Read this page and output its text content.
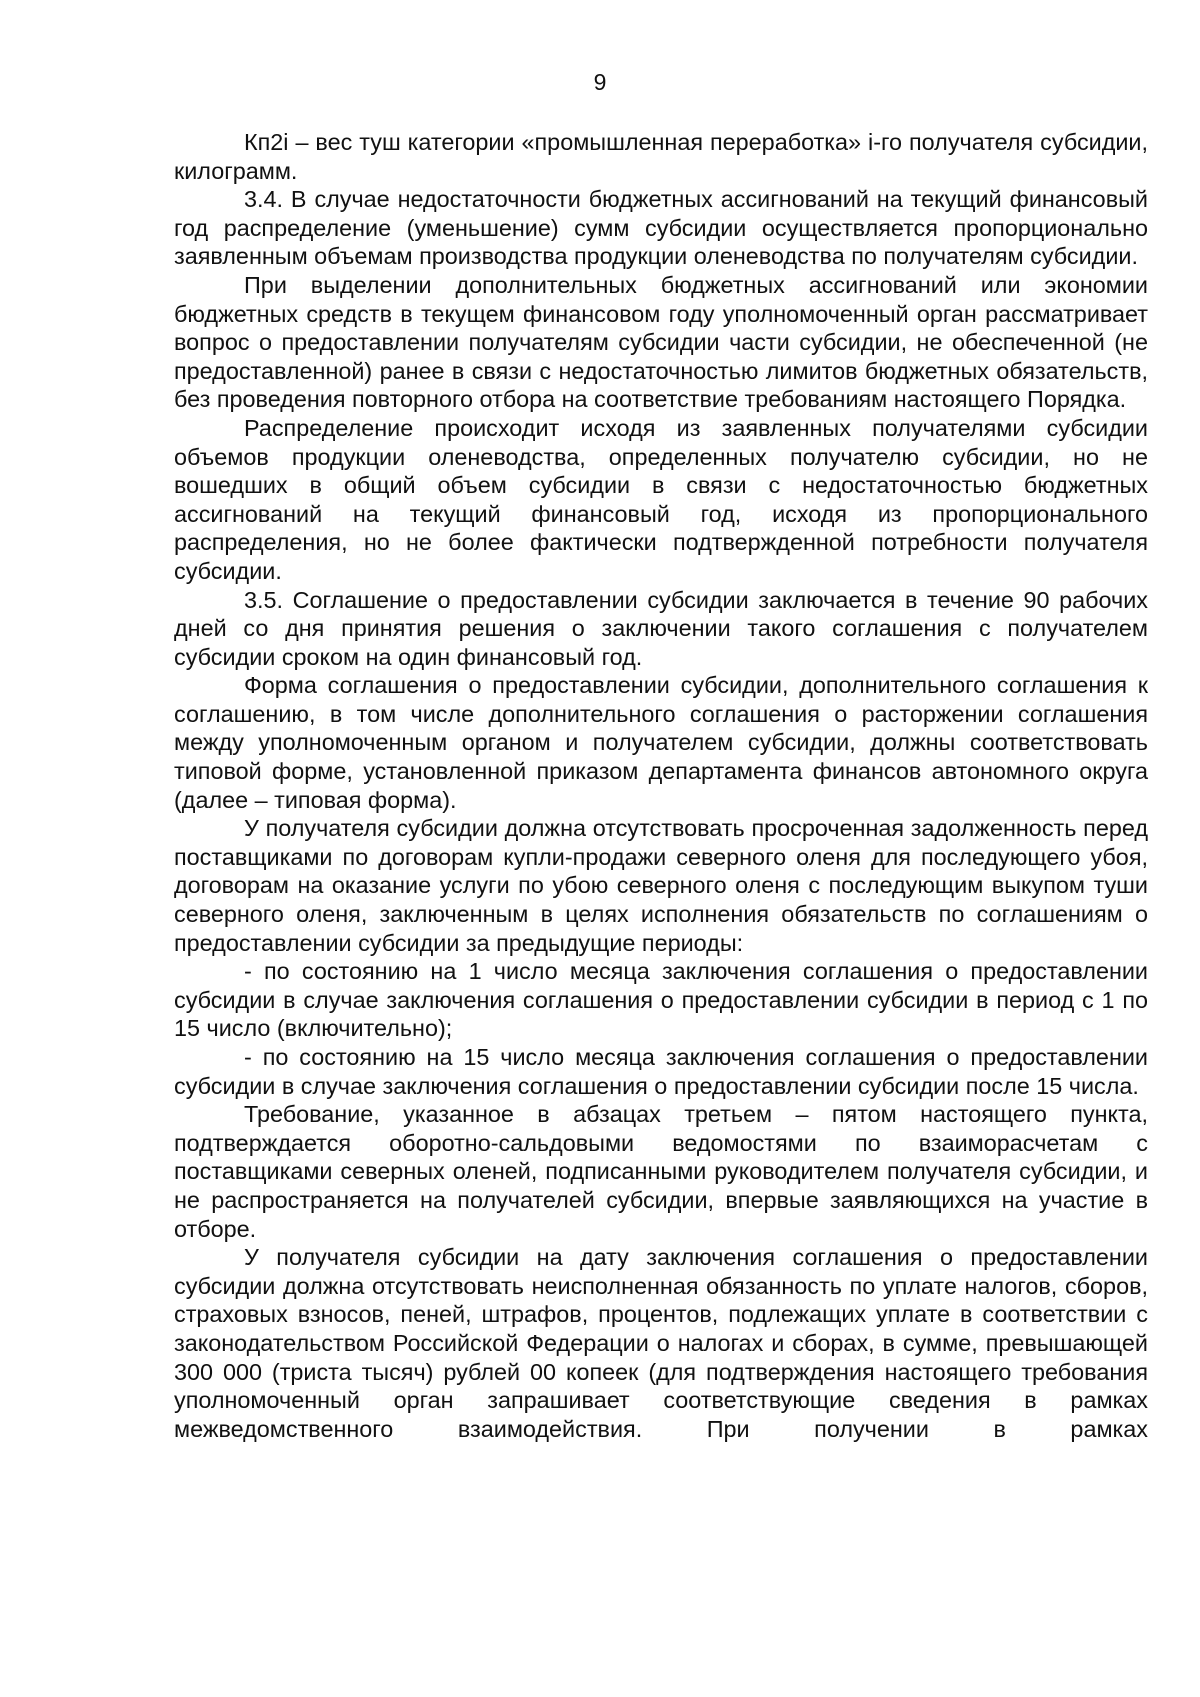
9

Кп2i – вес туш категории «промышленная переработка» i-го получателя субсидии, килограмм.

3.4. В случае недостаточности бюджетных ассигнований на текущий финансовый год распределение (уменьшение) сумм субсидии осуществляется пропорционально заявленным объемам производства продукции оленеводства по получателям субсидии.

При выделении дополнительных бюджетных ассигнований или экономии бюджетных средств в текущем финансовом году уполномоченный орган рассматривает вопрос о предоставлении получателям субсидии части субсидии, не обеспеченной (не предоставленной) ранее в связи с недостаточностью лимитов бюджетных обязательств, без проведения повторного отбора на соответствие требованиям настоящего Порядка.

Распределение происходит исходя из заявленных получателями субсидии объемов продукции оленеводства, определенных получателю субсидии, но не вошедших в общий объем субсидии в связи с недостаточностью бюджетных ассигнований на текущий финансовый год, исходя из пропорционального распределения, но не более фактически подтвержденной потребности получателя субсидии.

3.5. Соглашение о предоставлении субсидии заключается в течение 90 рабочих дней со дня принятия решения о заключении такого соглашения с получателем субсидии сроком на один финансовый год.

Форма соглашения о предоставлении субсидии, дополнительного соглашения к соглашению, в том числе дополнительного соглашения о расторжении соглашения между уполномоченным органом и получателем субсидии, должны соответствовать типовой форме, установленной приказом департамента финансов автономного округа (далее – типовая форма).

У получателя субсидии должна отсутствовать просроченная задолженность перед поставщиками по договорам купли-продажи северного оленя для последующего убоя, договорам на оказание услуги по убою северного оленя с последующим выкупом туши северного оленя, заключенным в целях исполнения обязательств по соглашениям о предоставлении субсидии за предыдущие периоды:

- по состоянию на 1 число месяца заключения соглашения о предоставлении субсидии в случае заключения соглашения о предоставлении субсидии в период с 1 по 15 число (включительно);

- по состоянию на 15 число месяца заключения соглашения о предоставлении субсидии в случае заключения соглашения о предоставлении субсидии после 15 числа.

Требование, указанное в абзацах третьем – пятом настоящего пункта, подтверждается оборотно-сальдовыми ведомостями по взаиморасчетам с поставщиками северных оленей, подписанными руководителем получателя субсидии, и не распространяется на получателей субсидии, впервые заявляющихся на участие в отборе.

У получателя субсидии на дату заключения соглашения о предоставлении субсидии должна отсутствовать неисполненная обязанность по уплате налогов, сборов, страховых взносов, пеней, штрафов, процентов, подлежащих уплате в соответствии с законодательством Российской Федерации о налогах и сборах, в сумме, превышающей 300 000 (триста тысяч) рублей 00 копеек (для подтверждения настоящего требования уполномоченный орган запрашивает соответствующие сведения в рамках межведомственного взаимодействия. При получении в рамках
